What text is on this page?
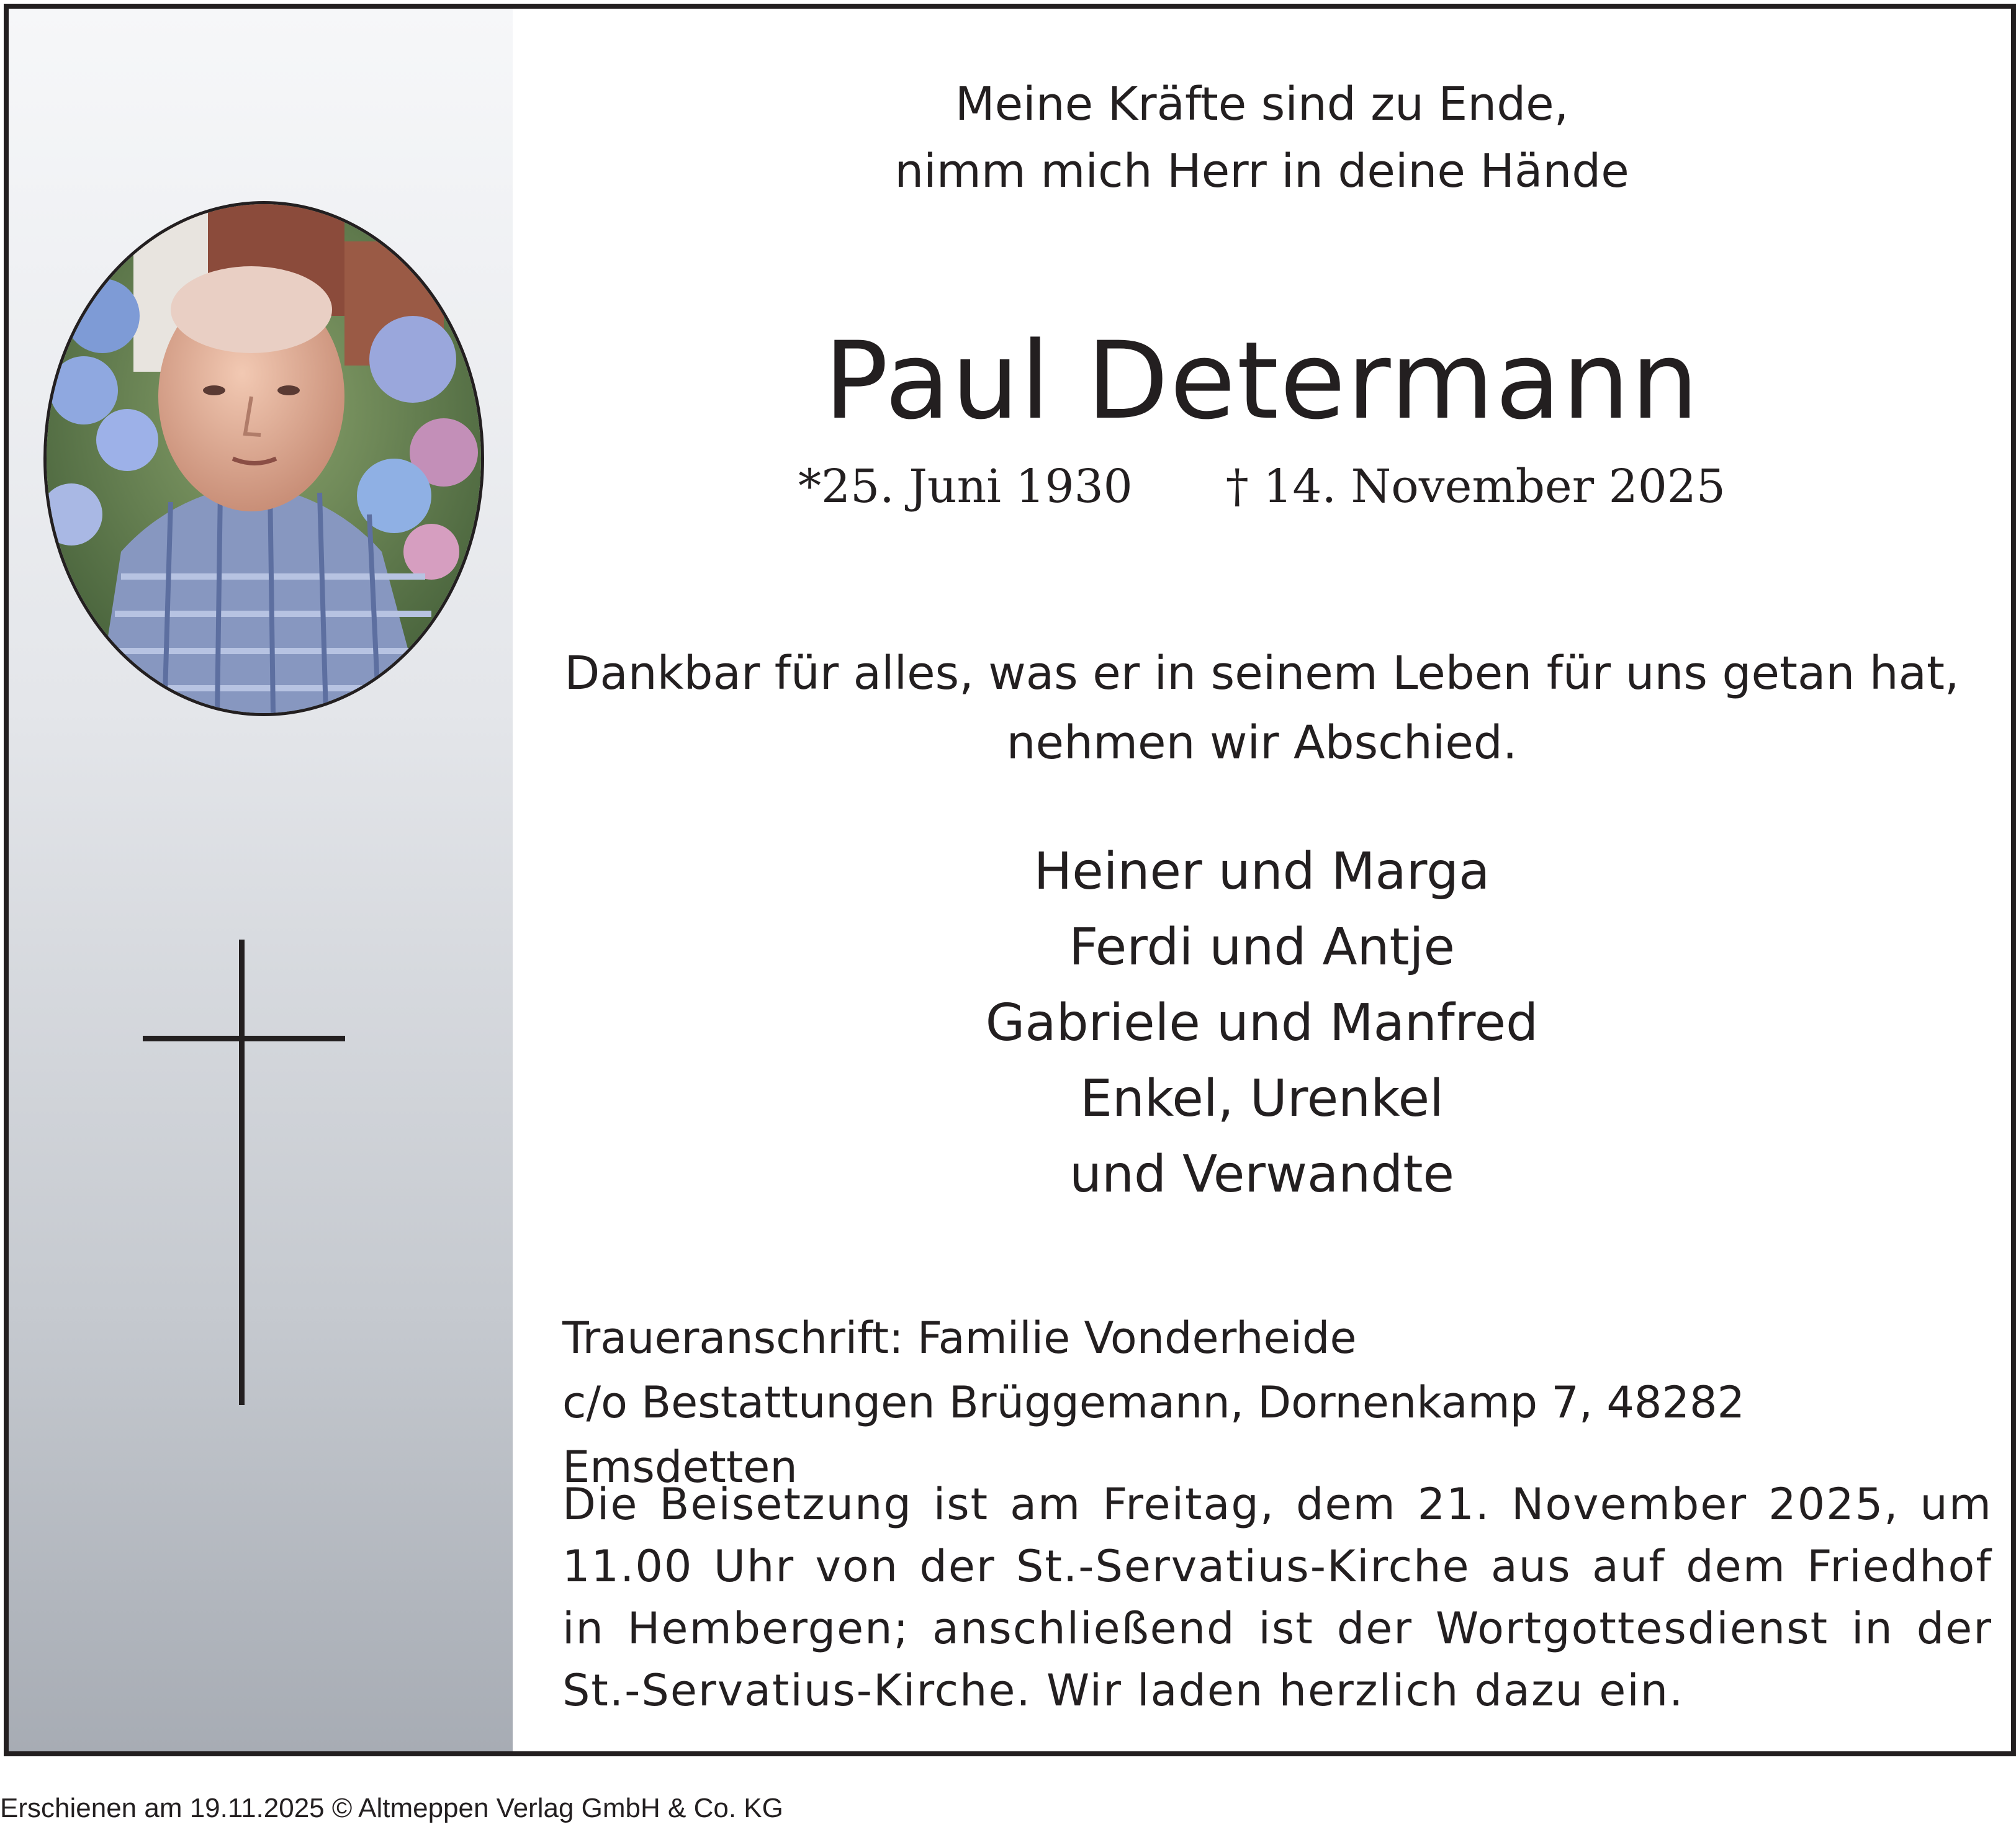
Meine Kräfte sind zu Ende,
nimm mich Herr in deine Hände
Paul Determann
*25. Juni 1930 † 14. November 2025
Dankbar für alles, was er in seinem Leben für uns getan hat,
nehmen wir Abschied.
Heiner und Marga
Ferdi und Antje
Gabriele und Manfred
Enkel, Urenkel
und Verwandte
Traueranschrift: Familie Vonderheide
c/o Bestattungen Brüggemann, Dornenkamp 7, 48282 Emsdetten
Die Beisetzung ist am Freitag, dem 21. November 2025, um 11.00 Uhr von der St.-Servatius-Kirche aus auf dem Friedhof in Hembergen; anschließend ist der Wortgottesdienst in der St.-Servatius-Kirche. Wir laden herzlich dazu ein.
Erschienen am 19.11.2025 © Altmeppen Verlag GmbH & Co. KG
